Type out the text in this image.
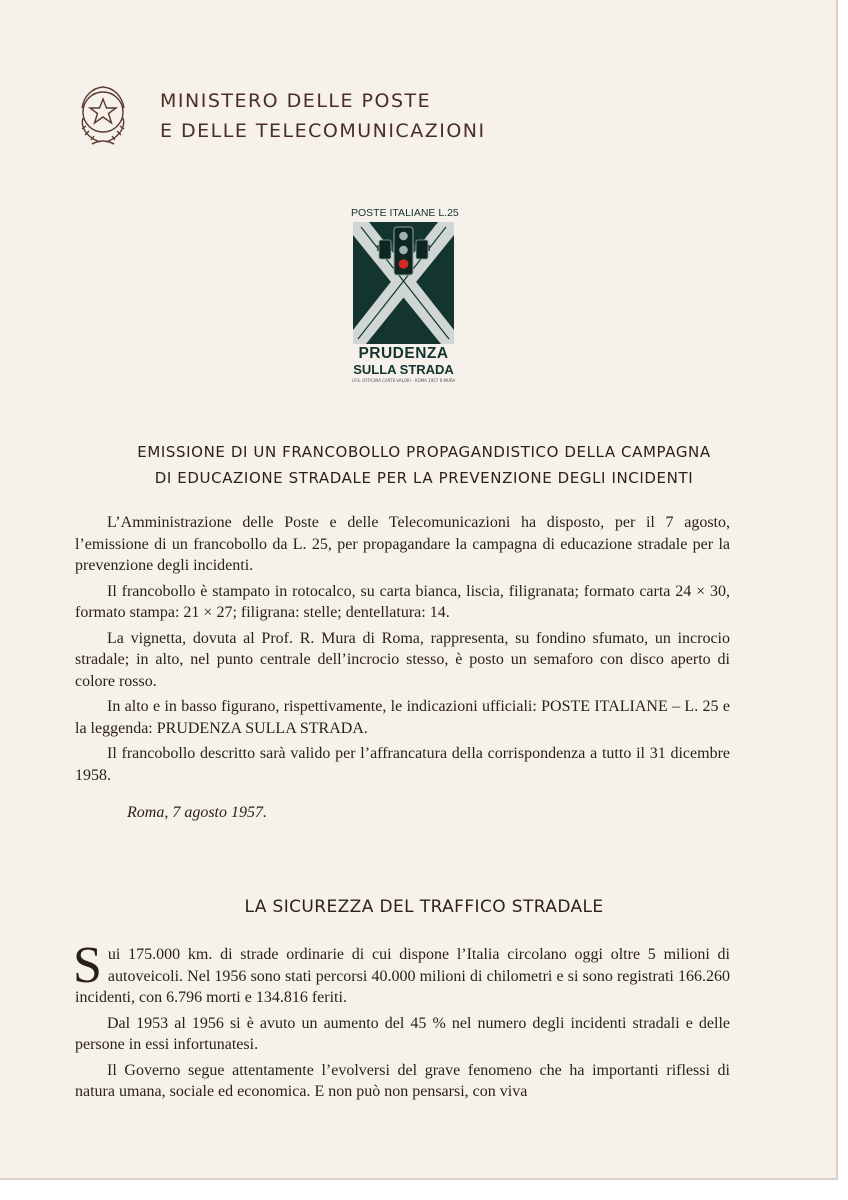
MINISTERO DELLE POSTE
E DELLE TELECOMUNICAZIONI
POSTE ITALIANE L.25
PRUDENZA
SULLA STRADA
I.P.S. OFFICINA CARTE-VALORI - ROMA 1957 R.MURA
EMISSIONE DI UN FRANCOBOLLO PROPAGANDISTICO DELLA CAMPAGNA
DI EDUCAZIONE STRADALE PER LA PREVENZIONE DEGLI INCIDENTI

L’Amministrazione delle Poste e delle Telecomunicazioni ha disposto, per il 7 agosto, l’emissione di un francobollo da L. 25, per propagandare la campagna di educazione stradale per la prevenzione degli incidenti.

Il francobollo è stampato in rotocalco, su carta bianca, liscia, filigranata; formato carta 24 × 30, formato stampa: 21 × 27; filigrana: stelle; dentellatura: 14.

La vignetta, dovuta al Prof. R. Mura di Roma, rappresenta, su fondino sfumato, un incrocio stradale; in alto, nel punto centrale dell’incrocio stesso, è posto un semaforo con disco aperto di colore rosso.

In alto e in basso figurano, rispettivamente, le indicazioni ufficiali: POSTE ITALIANE – L. 25 e la leggenda: PRUDENZA SULLA STRADA.

Il francobollo descritto sarà valido per l’affrancatura della corrispondenza a tutto il 31 dicembre 1958.

Roma, 7 agosto 1957.
LA SICUREZZA DEL TRAFFICO STRADALE

Sui 175.000 km. di strade ordinarie di cui dispone l’Italia circolano oggi oltre 5 milioni di autoveicoli. Nel 1956 sono stati percorsi 40.000 milioni di chilometri e si sono registrati 166.260 incidenti, con 6.796 morti e 134.816 feriti.

Dal 1953 al 1956 si è avuto un aumento del 45 % nel numero degli incidenti stradali e delle persone in essi infortunatesi.

Il Governo segue attentamente l’evolversi del grave fenomeno che ha importanti riflessi di natura umana, sociale ed economica. E non può non pensarsi, con viva
